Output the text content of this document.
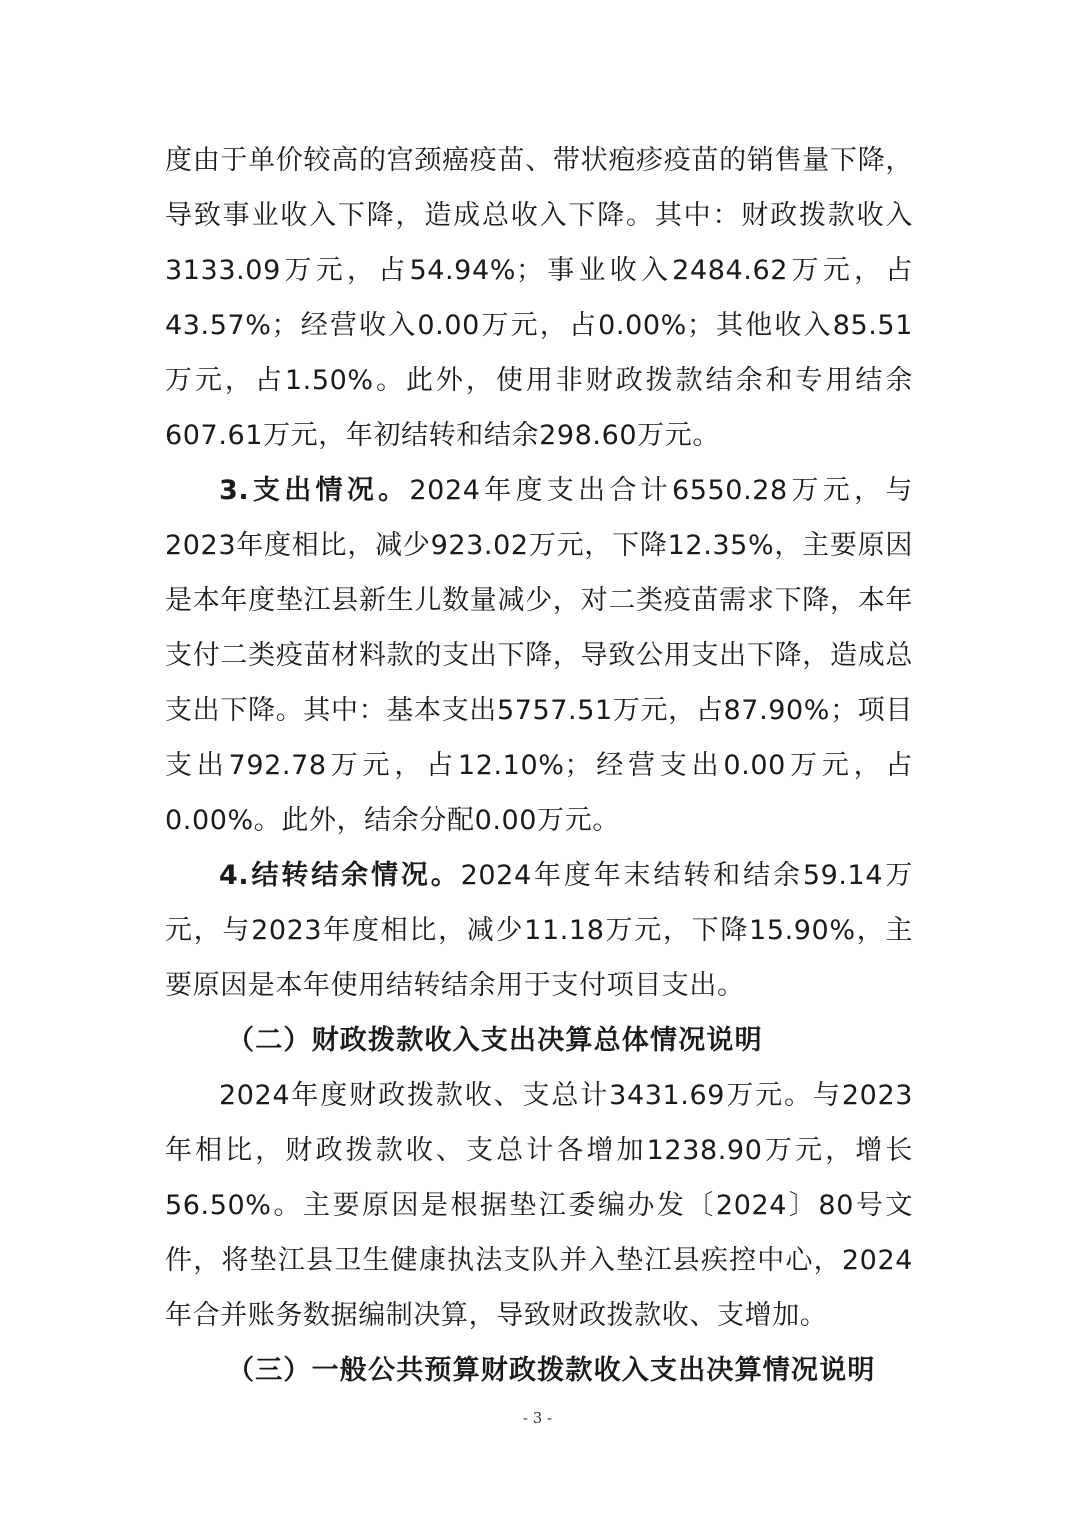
度由于单价较高的宫颈癌疫苗、带状疱疹疫苗的销售量下降，导致事业收入下降，造成总收入下降。其中：财政拨款收入3133.09万元，占54.94%；事业收入2484.62万元，占43.57%；经营收入0.00万元，占0.00%；其他收入85.51万元，占1.50%。此外，使用非财政拨款结余和专用结余607.61万元，年初结转和结余298.60万元。

3.支出情况。2024年度支出合计6550.28万元，与2023年度相比，减少923.02万元，下降12.35%，主要原因是本年度垫江县新生儿数量减少，对二类疫苗需求下降，本年支付二类疫苗材料款的支出下降，导致公用支出下降，造成总支出下降。其中：基本支出5757.51万元，占87.90%；项目支出792.78万元，占12.10%；经营支出0.00万元，占0.00%。此外，结余分配0.00万元。

4.结转结余情况。2024年度年末结转和结余59.14万元，与2023年度相比，减少11.18万元，下降15.90%，主要原因是本年使用结转结余用于支付项目支出。

（二）财政拨款收入支出决算总体情况说明

2024年度财政拨款收、支总计3431.69万元。与2023年相比，财政拨款收、支总计各增加1238.90万元，增长56.50%。主要原因是根据垫江委编办发〔2024〕80号文件，将垫江县卫生健康执法支队并入垫江县疾控中心，2024年合并账务数据编制决算，导致财政拨款收、支增加。

（三）一般公共预算财政拨款收入支出决算情况说明

- 3 -
